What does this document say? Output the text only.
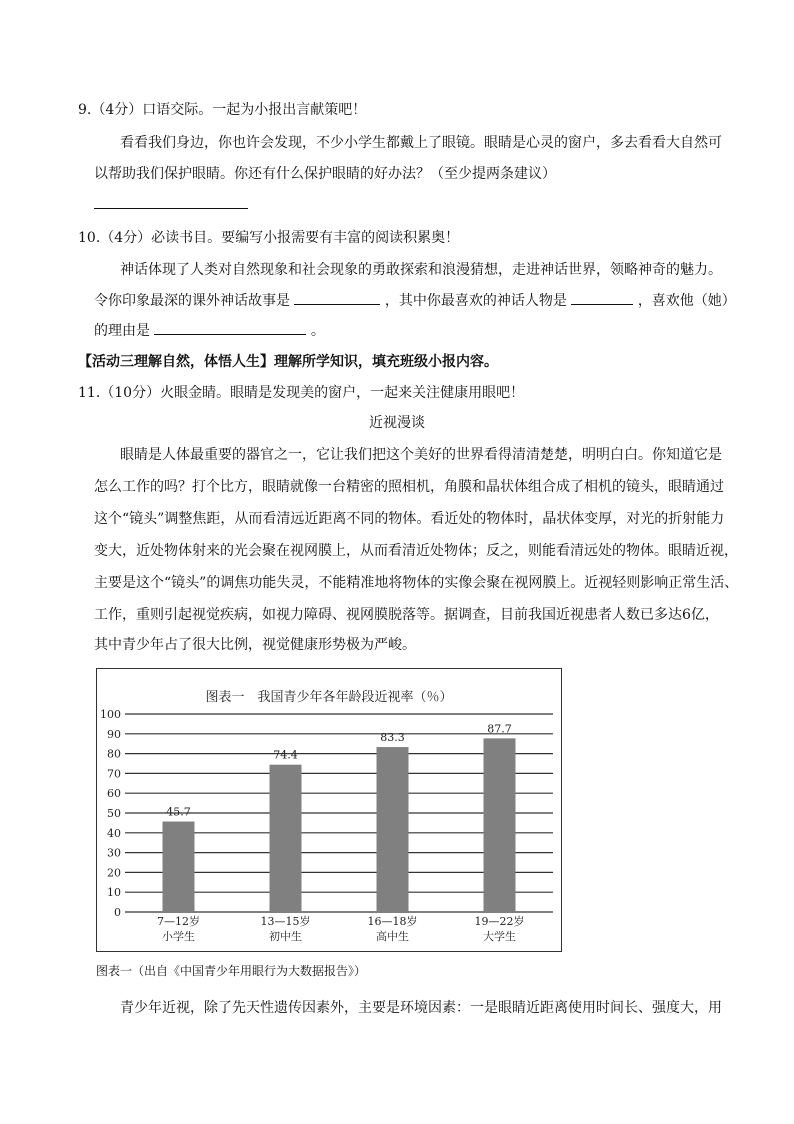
9.（4分）口语交际。一起为小报出言献策吧！
看看我们身边，你也许会发现，不少小学生都戴上了眼镜。眼睛是心灵的窗户，多去看看大自然可
以帮助我们保护眼睛。你还有什么保护眼睛的好办法？（至少提两条建议）
10.（4分）必读书目。要编写小报需要有丰富的阅读积累奥！
神话体现了人类对自然现象和社会现象的勇敢探索和浪漫猜想，走进神话世界，领略神奇的魅力。
令你印象最深的课外神话故事是	，其中你最喜欢的神话人物是	，喜欢他（她）
的理由是	。
【活动三理解自然，体悟人生】理解所学知识，填充班级小报内容。
11.（10分）火眼金睛。眼睛是发现美的窗户，一起来关注健康用眼吧！
近视漫谈
眼睛是人体最重要的器官之一，它让我们把这个美好的世界看得清清楚楚，明明白白。你知道它是
怎么工作的吗？打个比方，眼睛就像一台精密的照相机，角膜和晶状体组合成了相机的镜头，眼睛通过
这个“镜头”调整焦距，从而看清远近距离不同的物体。看近处的物体时，晶状体变厚，对光的折射能力
变大，近处物体射来的光会聚在视网膜上，从而看清近处物体；反之，则能看清远处的物体。眼睛近视，
主要是这个“镜头”的调焦功能失灵，不能精准地将物体的实像会聚在视网膜上。近视轻则影响正常生活、
工作，重则引起视觉疾病，如视力障碍、视网膜脱落等。据调查，目前我国近视患者人数已多达6亿，
其中青少年占了很大比例，视觉健康形势极为严峻。
图表一　我国青少年各年龄段近视率（％）
0
10
20
30
40
50
60
70
80
90
100
45.7
7—12岁
小学生
74.4
13—15岁
初中生
83.3
16—18岁
高中生
87.7
19—22岁
大学生
图表一（出自《中国青少年用眼行为大数据报告》）
青少年近视，除了先天性遗传因素外，主要是环境因素：一是眼睛近距离使用时间长、强度大，用
